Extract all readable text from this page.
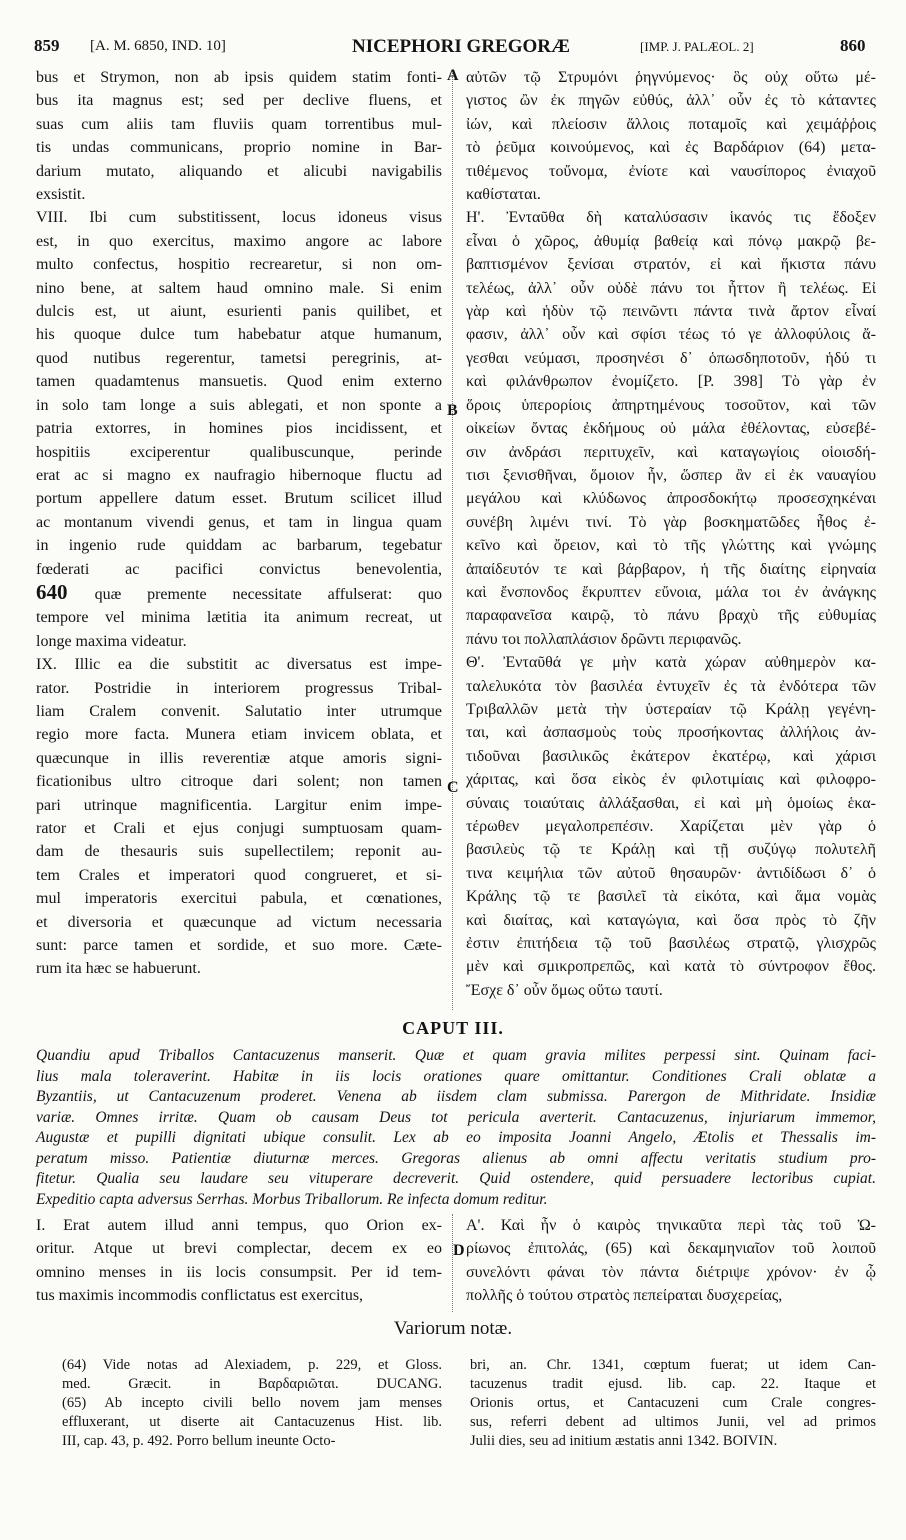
859 [A. M. 6850, IND. 10]	NICEPHORI GREGORÆ	[IMP. J. PALÆOL. 2]	860
A
B
C
D
bus et Strymon, non ab ipsis quidem statim fonti-
bus ita magnus est; sed per declive fluens, et
suas cum aliis tam fluviis quam torrentibus mul-
tis undas communicans, proprio nomine in Bar-
darium mutato, aliquando et alicubi navigabilis
exsistit.
VIII. Ibi cum substitissent, locus idoneus visus
est, in quo exercitus, maximo angore ac labore
multo confectus, hospitio recrearetur, si non om-
nino bene, at saltem haud omnino male. Si enim
dulcis est, ut aiunt, esurienti panis quilibet, et
his quoque dulce tum habebatur atque humanum,
quod nutibus regerentur, tametsi peregrinis, at-
tamen quadamtenus mansuetis. Quod enim externo
in solo tam longe a suis ablegati, et non sponte a
patria extorres, in homines pios incidissent, et
hospitiis exciperentur qualibuscunque, perinde
erat ac si magno ex naufragio hibernoque fluctu ad
portum appellere datum esset. Brutum scilicet illud
ac montanum vivendi genus, et tam in lingua quam
in ingenio rude quiddam ac barbarum, tegebatur
fœderati ac pacifici convictus benevolentia,
640 quæ premente necessitate affulserat: quo
tempore vel minima lætitia ita animum recreat, ut
longe maxima videatur.
IX. Illic ea die substitit ac diversatus est impe-
rator. Postridie in interiorem progressus Tribal-
liam Cralem convenit. Salutatio inter utrumque
regio more facta. Munera etiam invicem oblata, et
quæcunque in illis reverentiæ atque amoris signi-
ficationibus ultro citroque dari solent; non tamen
pari utrinque magnificentia. Largitur enim impe-
rator et Crali et ejus conjugi sumptuosam quam-
dam de thesauris suis supellectilem; reponit au-
tem Crales et imperatori quod congrueret, et si-
mul imperatoris exercitui pabula, et cœnationes,
et diversoria et quæcunque ad victum necessaria
sunt: parce tamen et sordide, et suo more. Cæte-
rum ita hæc se habuerunt.
αὐτῶν τῷ Στρυμόνι ῥηγνύμενος· ὃς οὐχ οὕτω μέ-
γιστος ὢν ἐκ πηγῶν εὐθύς, ἀλλ᾽ οὖν ἐς τὸ κάταντες
ἰών, καὶ πλείοσιν ἄλλοις ποταμοῖς καὶ χειμάῤῥοις
τὸ ῥεῦμα κοινούμενος, καὶ ἐς Βαρδάριον (64) μετα-
τιθέμενος τοὔνομα, ἐνίοτε καὶ ναυσίπορος ἐνιαχοῦ
καθίσταται.
Η'. Ἐνταῦθα δὴ καταλύσασιν ἱκανός τις ἔδοξεν
εἶναι ὁ χῶρος, ἀθυμίᾳ βαθείᾳ καὶ πόνῳ μακρῷ βε-
βαπτισμένον ξενίσαι στρατόν, εἰ καὶ ἥκιστα πάνυ
τελέως, ἀλλ᾽ οὖν οὐδὲ πάνυ τοι ἧττον ἢ τελέως. Εἰ
γὰρ καὶ ἡδὺν τῷ πεινῶντι πάντα τινὰ ἄρτον εἶναί
φασιν, ἀλλ᾽ οὖν καὶ σφίσι τέως τό γε ἀλλοφύλοις ἄ-
γεσθαι νεύμασι, προσηνέσι δ᾽ ὁπωσδηποτοῦν, ἡδύ τι
καὶ φιλάνθρωπον ἐνομίζετο. [P. 398] Τὸ γὰρ ἐν
ὅροις ὑπερορίοις ἀπηρτημένους τοσοῦτον, καὶ τῶν
οἰκείων ὄντας ἐκδήμους οὐ μάλα ἐθέλοντας, εὐσεβέ-
σιν ἀνδράσι περιτυχεῖν, καὶ καταγωγίοις οἱοισδή-
τισι ξενισθῆναι, ὅμοιον ἦν, ὥσπερ ἂν εἰ ἐκ ναυαγίου
μεγάλου καὶ κλύδωνος ἀπροσδοκήτῳ προσεσχηκέναι
συνέβη λιμένι τινί. Τὸ γὰρ βοσκηματῶδες ἦθος ἐ-
κεῖνο καὶ ὄρειον, καὶ τὸ τῆς γλώττης καὶ γνώμης
ἀπαίδευτόν τε καὶ βάρβαρον, ἡ τῆς διαίτης εἰρηναία
καὶ ἔνσπονδος ἔκρυπτεν εὔνοια, μάλα τοι ἐν ἀνάγκης
παραφανεῖσα καιρῷ, τὸ πάνυ βραχὺ τῆς εὐθυμίας
πάνυ τοι πολλαπλάσιον δρῶντι περιφανῶς.
Θ'. Ἐνταῦθά γε μὴν κατὰ χώραν αὐθημερὸν κα-
ταλελυκότα τὸν βασιλέα ἐντυχεῖν ἐς τὰ ἐνδότερα τῶν
Τριβαλλῶν μετὰ τὴν ὑστεραίαν τῷ Κράλῃ γεγένη-
ται, καὶ ἀσπασμοὺς τοὺς προσήκοντας ἀλλήλοις ἀν-
τιδοῦναι βασιλικῶς ἑκάτερον ἑκατέρῳ, καὶ χάρισι
χάριτας, καὶ ὅσα εἰκὸς ἐν φιλοτιμίαις καὶ φιλοφρο-
σύναις τοιαύταις ἀλλάξασθαι, εἰ καὶ μὴ ὁμοίως ἑκα-
τέρωθεν μεγαλοπρεπέσιν. Χαρίζεται μὲν γὰρ ὁ
βασιλεὺς τῷ τε Κράλῃ καὶ τῇ συζύγῳ πολυτελῆ
τινα κειμήλια τῶν αὐτοῦ θησαυρῶν· ἀντιδίδωσι δ᾽ ὁ
Κράλης τῷ τε βασιλεῖ τὰ εἰκότα, καὶ ἅμα νομὰς
καὶ διαίτας, καὶ καταγώγια, καὶ ὅσα πρὸς τὸ ζῆν
ἐστιν ἐπιτήδεια τῷ τοῦ βασιλέως στρατῷ, γλισχρῶς
μὲν καὶ σμικροπρεπῶς, καὶ κατὰ τὸ σύντροφον ἔθος.
Ἔσχε δ᾽ οὖν ὅμως οὕτω ταυτί.
CAPUT III.
Quandiu apud Triballos Cantacuzenus manserit. Quæ et quam gravia milites perpessi sint. Quinam faci-
lius mala toleraverint. Habitæ in iis locis orationes quare omittantur. Conditiones Crali oblatæ a
Byzantiis, ut Cantacuzenum proderet. Venena ab iisdem clam submissa. Parergon de Mithridate. Insidiæ
variæ. Omnes irritæ. Quam ob causam Deus tot pericula averterit. Cantacuzenus, injuriarum immemor,
Augustæ et pupilli dignitati ubique consulit. Lex ab eo imposita Joanni Angelo, Ætolis et Thessalis im-
peratum misso. Patientiæ diuturnæ merces. Gregoras alienus ab omni affectu veritatis studium pro-
fitetur. Qualia seu laudare seu vituperare decreverit. Quid ostendere, quid persuadere lectoribus cupiat.
Expeditio capta adversus Serrhas. Morbus Triballorum. Re infecta domum reditur.
I. Erat autem illud anni tempus, quo Orion ex-
oritur. Atque ut brevi complectar, decem ex eo
omnino menses in iis locis consumpsit. Per id tem-
tus maximis incommodis conflictatus est exercitus,
Α'. Καὶ ἦν ὁ καιρὸς τηνικαῦτα περὶ τὰς τοῦ Ὠ-
ρίωνος ἐπιτολάς, (65) καὶ δεκαμηνιαῖον τοῦ λοιποῦ
συνελόντι φάναι τὸν πάντα διέτριψε χρόνον· ἐν ᾧ
πολλῆς ὁ τούτου στρατὸς πεπείραται δυσχερείας,
Variorum notæ.
(64) Vide notas ad Alexiadem, p. 229, et Gloss.
med. Græcit. in Βαρδαριῶται. DUCANG.
(65) Ab incepto civili bello novem jam menses
effluxerant, ut diserte ait Cantacuzenus Hist. lib.
III, cap. 43, p. 492. Porro bellum ineunte Octo-
bri, an. Chr. 1341, cœptum fuerat; ut idem Can-
tacuzenus tradit ejusd. lib. cap. 22. Itaque et
Orionis ortus, et Cantacuzeni cum Crale congres-
sus, referri debent ad ultimos Junii, vel ad primos
Julii dies, seu ad initium æstatis anni 1342. BOIVIN.
